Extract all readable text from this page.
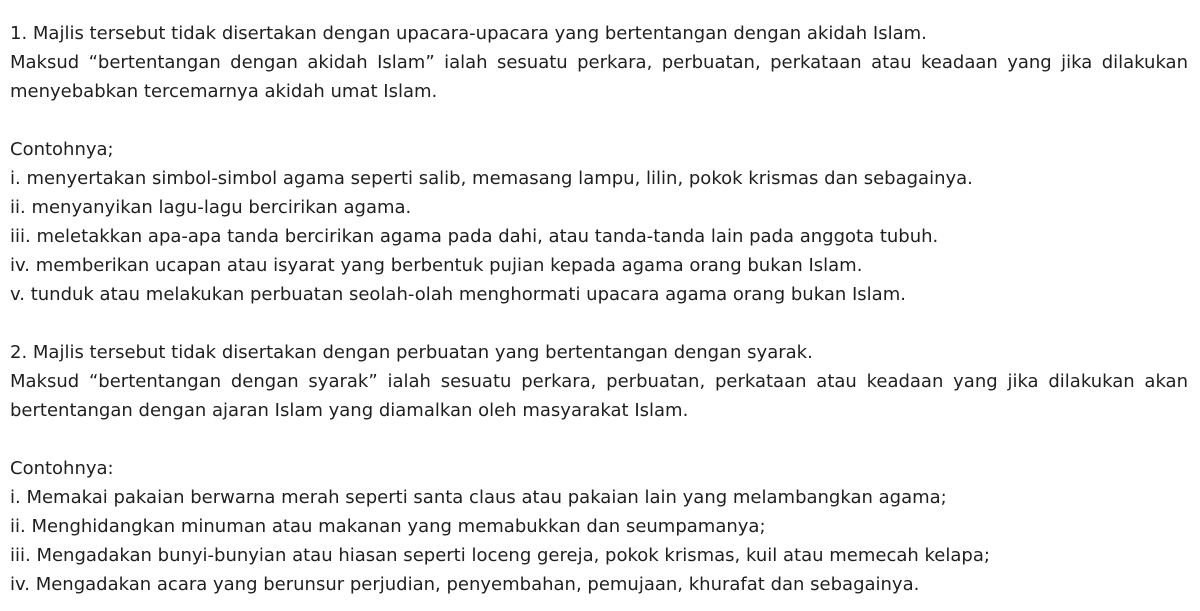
1. Majlis tersebut tidak disertakan dengan upacara-upacara yang bertentangan dengan akidah Islam.

Maksud “bertentangan dengan akidah Islam” ialah sesuatu perkara, perbuatan, perkataan atau keadaan yang jika dilakukan menyebabkan tercemarnya akidah umat Islam.

Contohnya;

i. menyertakan simbol-simbol agama seperti salib, memasang lampu, lilin, pokok krismas dan sebagainya.
ii. menyanyikan lagu-lagu bercirikan agama.
iii. meletakkan apa-apa tanda bercirikan agama pada dahi, atau tanda-tanda lain pada anggota tubuh.
iv. memberikan ucapan atau isyarat yang berbentuk pujian kepada agama orang bukan Islam.
v. tunduk atau melakukan perbuatan seolah-olah menghormati upacara agama orang bukan Islam.

2. Majlis tersebut tidak disertakan dengan perbuatan yang bertentangan dengan syarak.

Maksud “bertentangan dengan syarak” ialah sesuatu perkara, perbuatan, perkataan atau keadaan yang jika dilakukan akan bertentangan dengan ajaran Islam yang diamalkan oleh masyarakat Islam.

Contohnya:

i. Memakai pakaian berwarna merah seperti santa claus atau pakaian lain yang melambangkan agama;
ii. Menghidangkan minuman atau makanan yang memabukkan dan seumpamanya;
iii. Mengadakan bunyi-bunyian atau hiasan seperti loceng gereja, pokok krismas, kuil atau memecah kelapa;
iv. Mengadakan acara yang berunsur perjudian, penyembahan, pemujaan, khurafat dan sebagainya.
